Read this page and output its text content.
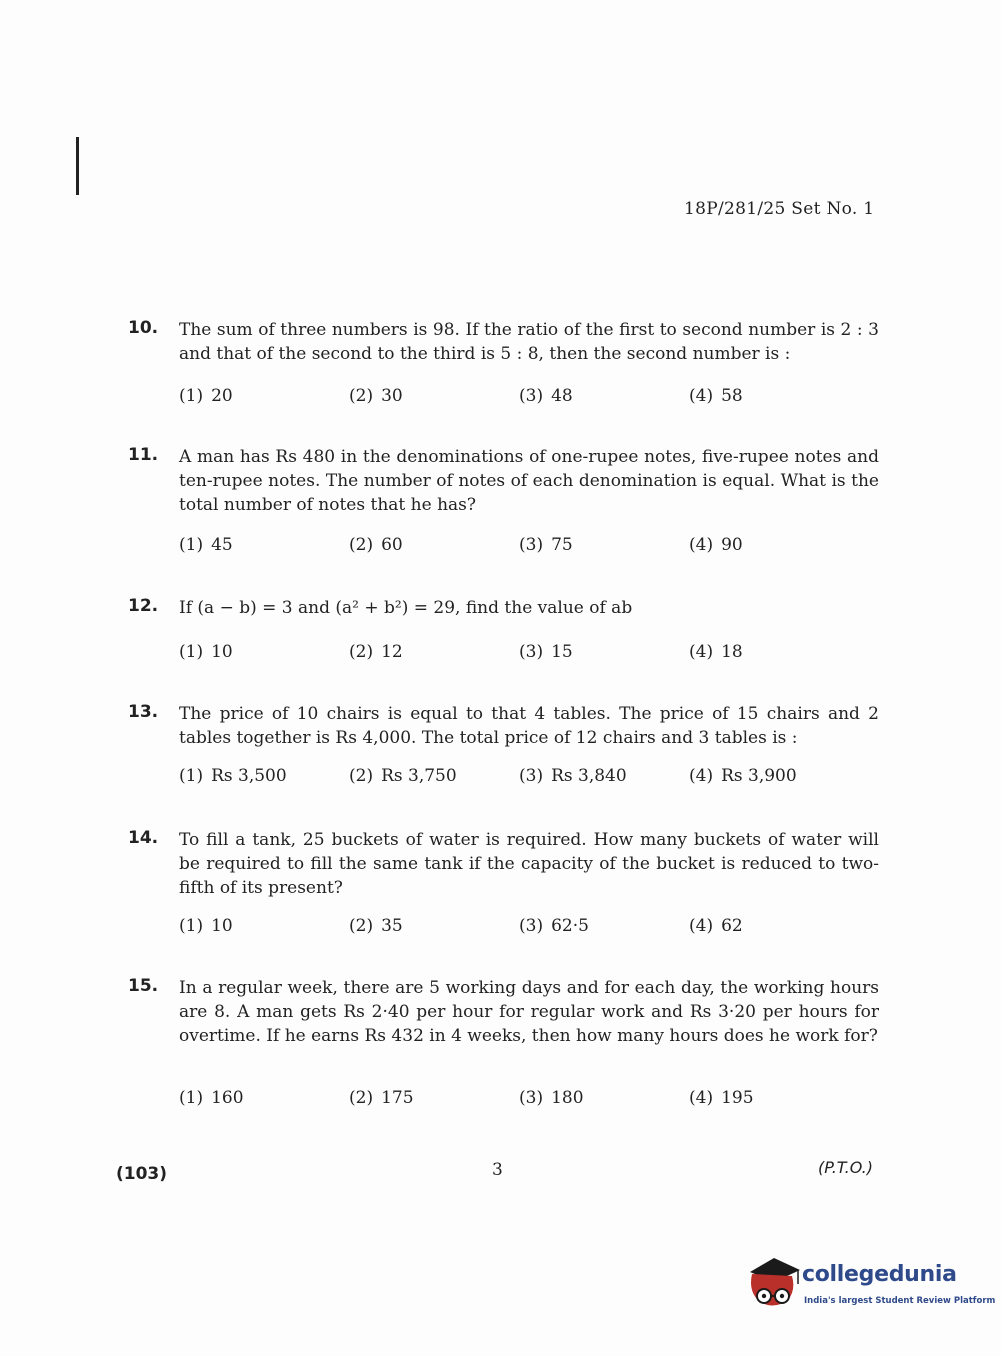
18P/281/25 Set No. 1
10. The sum of three numbers is 98. If the ratio of the first to second number is 2 : 3 and that of the second to the third is 5 : 8, then the second number is :
(1) 20	(2) 30	(3) 48	(4) 58
11. A man has Rs 480 in the denominations of one-rupee notes, five-rupee notes and ten-rupee notes. The number of notes of each denomination is equal. What is the total number of notes that he has?
(1) 45	(2) 60	(3) 75	(4) 90
12. If (a − b) = 3 and (a² + b²) = 29, find the value of ab
(1) 10	(2) 12	(3) 15	(4) 18
13. The price of 10 chairs is equal to that 4 tables. The price of 15 chairs and 2 tables together is Rs 4,000. The total price of 12 chairs and 3 tables is :
(1) Rs 3,500	(2) Rs 3,750	(3) Rs 3,840	(4) Rs 3,900
14. To fill a tank, 25 buckets of water is required. How many buckets of water will be required to fill the same tank if the capacity of the bucket is reduced to two-fifth of its present?
(1) 10	(2) 35	(3) 62·5	(4) 62
15. In a regular week, there are 5 working days and for each day, the working hours are 8. A man gets Rs 2·40 per hour for regular work and Rs 3·20 per hours for overtime. If he earns Rs 432 in 4 weeks, then how many hours does he work for?
(1) 160	(2) 175	(3) 180	(4) 195
(103)	3	(P.T.O.)
collegedunia
India's largest Student Review Platform
